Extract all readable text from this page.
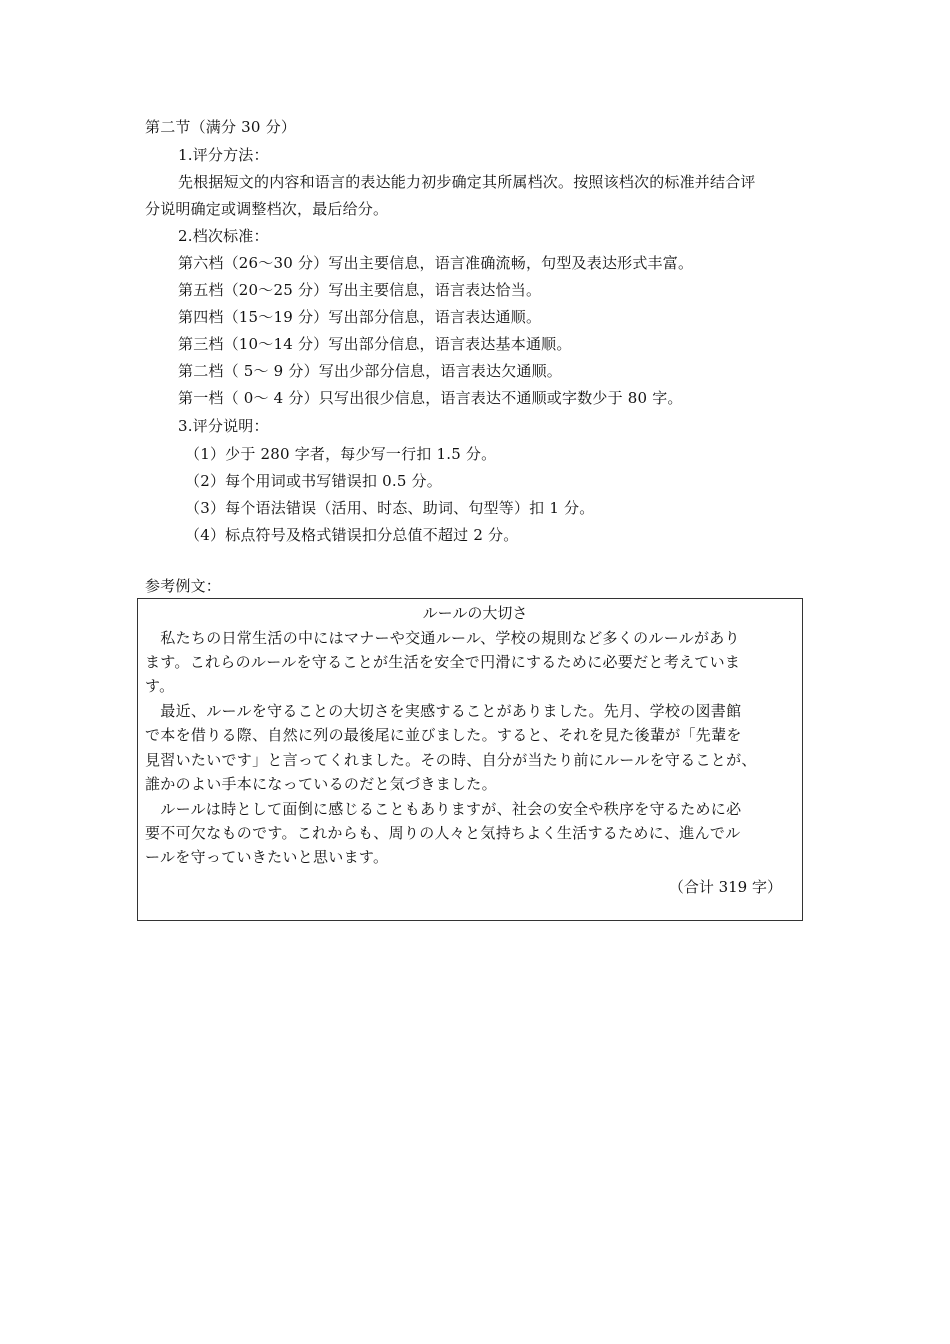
第二节（满分 30 分）
1.评分方法：
先根据短文的内容和语言的表达能力初步确定其所属档次。按照该档次的标准并结合评
分说明确定或调整档次，最后给分。
2.档次标准：
第六档（26～30 分）写出主要信息，语言准确流畅，句型及表达形式丰富。
第五档（20～25 分）写出主要信息，语言表达恰当。
第四档（15～19 分）写出部分信息，语言表达通顺。
第三档（10～14 分）写出部分信息，语言表达基本通顺。
第二档（ 5～ 9 分）写出少部分信息，语言表达欠通顺。
第一档（ 0～ 4 分）只写出很少信息，语言表达不通顺或字数少于 80 字。
3.评分说明：
（1）少于 280 字者，每少写一行扣 1.5 分。
（2）每个用词或书写错误扣 0.5 分。
（3）每个语法错误（活用、时态、助词、句型等）扣 1 分。
（4）标点符号及格式错误扣分总值不超过 2 分。
参考例文：
ルールの大切さ
　私たちの日常生活の中にはマナーや交通ルール、学校の規則など多くのルールがあり
ます。これらのルールを守ることが生活を安全で円滑にするために必要だと考えていま
す。
　最近、ルールを守ることの大切さを実感することがありました。先月、学校の図書館
で本を借りる際、自然に列の最後尾に並びました。すると、それを見た後輩が「先輩を
見習いたいです」と言ってくれました。その時、自分が当たり前にルールを守ることが、
誰かのよい手本になっているのだと気づきました。
　ルールは時として面倒に感じることもありますが、社会の安全や秩序を守るために必
要不可欠なものです。これからも、周りの人々と気持ちよく生活するために、進んでル
ールを守っていきたいと思います。
（合计 319 字）
